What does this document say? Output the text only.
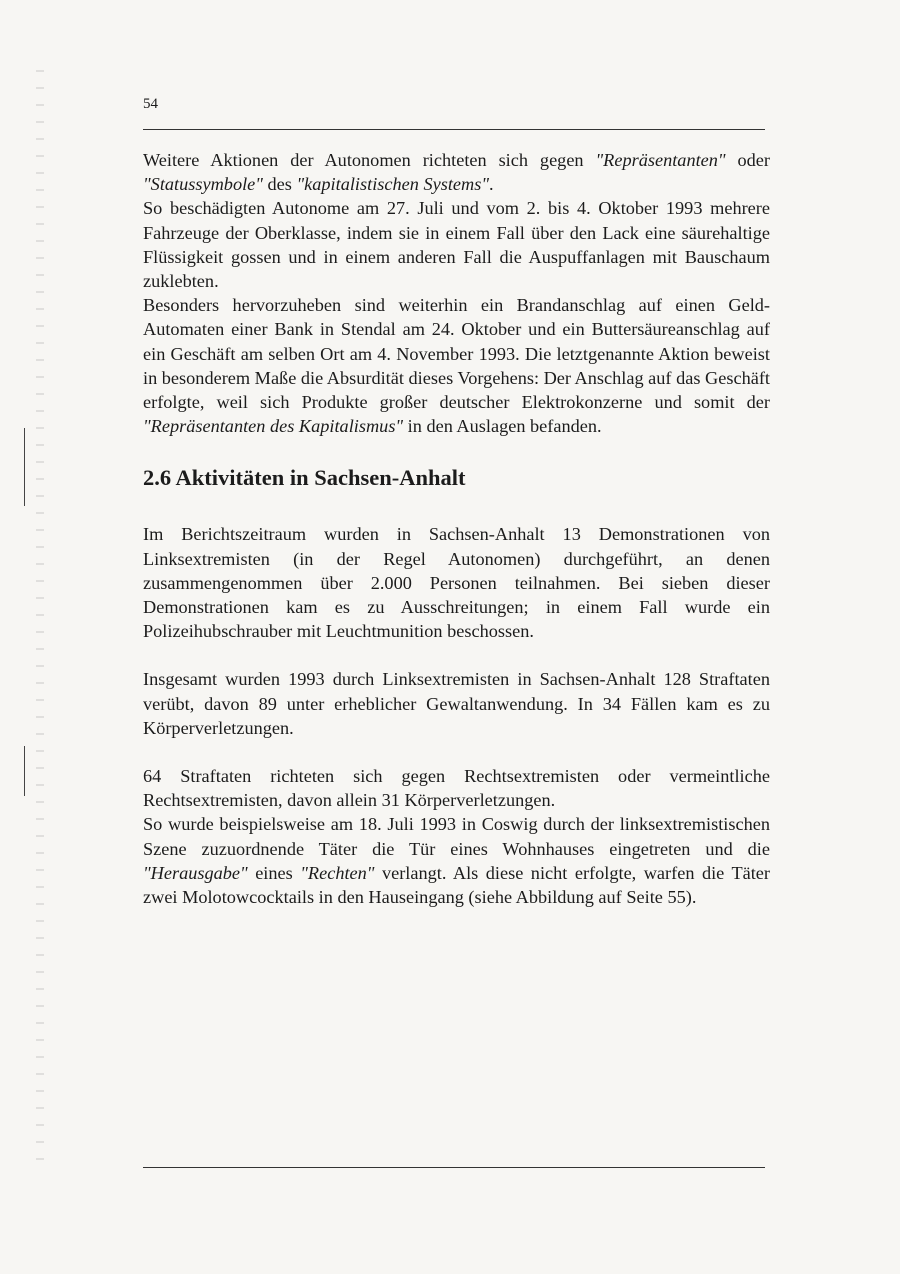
54

Weitere Aktionen der Autonomen richteten sich gegen "Repräsentanten" oder "Statussymbole" des "kapitalistischen Systems".

So beschädigten Autonome am 27. Juli und vom 2. bis 4. Oktober 1993 mehrere Fahrzeuge der Oberklasse, indem sie in einem Fall über den Lack eine säurehaltige Flüssigkeit gossen und in einem anderen Fall die Auspuffanlagen mit Bauschaum zuklebten.

Besonders hervorzuheben sind weiterhin ein Brandanschlag auf einen Geld-Automaten einer Bank in Stendal am 24. Oktober und ein Buttersäureanschlag auf ein Geschäft am selben Ort am 4. November 1993. Die letztgenannte Aktion beweist in besonderem Maße die Absurdität dieses Vorgehens: Der Anschlag auf das Geschäft erfolgte, weil sich Produkte großer deutscher Elektrokonzerne und somit der "Repräsentanten des Kapitalismus" in den Auslagen befanden.

2.6 Aktivitäten in Sachsen-Anhalt

Im Berichtszeitraum wurden in Sachsen-Anhalt 13 Demonstrationen von Linksextremisten (in der Regel Autonomen) durchgeführt, an denen zusammengenommen über 2.000 Personen teilnahmen. Bei sieben dieser Demonstrationen kam es zu Ausschreitungen; in einem Fall wurde ein Polizeihubschrauber mit Leuchtmunition beschossen.

Insgesamt wurden 1993 durch Linksextremisten in Sachsen-Anhalt 128 Straftaten verübt, davon 89 unter erheblicher Gewaltanwendung. In 34 Fällen kam es zu Körperverletzungen.

64 Straftaten richteten sich gegen Rechtsextremisten oder vermeintliche Rechtsextremisten, davon allein 31 Körperverletzungen.

So wurde beispielsweise am 18. Juli 1993 in Coswig durch der linksextremistischen Szene zuzuordnende Täter die Tür eines Wohnhauses eingetreten und die "Herausgabe" eines "Rechten" verlangt. Als diese nicht erfolgte, warfen die Täter zwei Molotowcocktails in den Hauseingang (siehe Abbildung auf Seite 55).
